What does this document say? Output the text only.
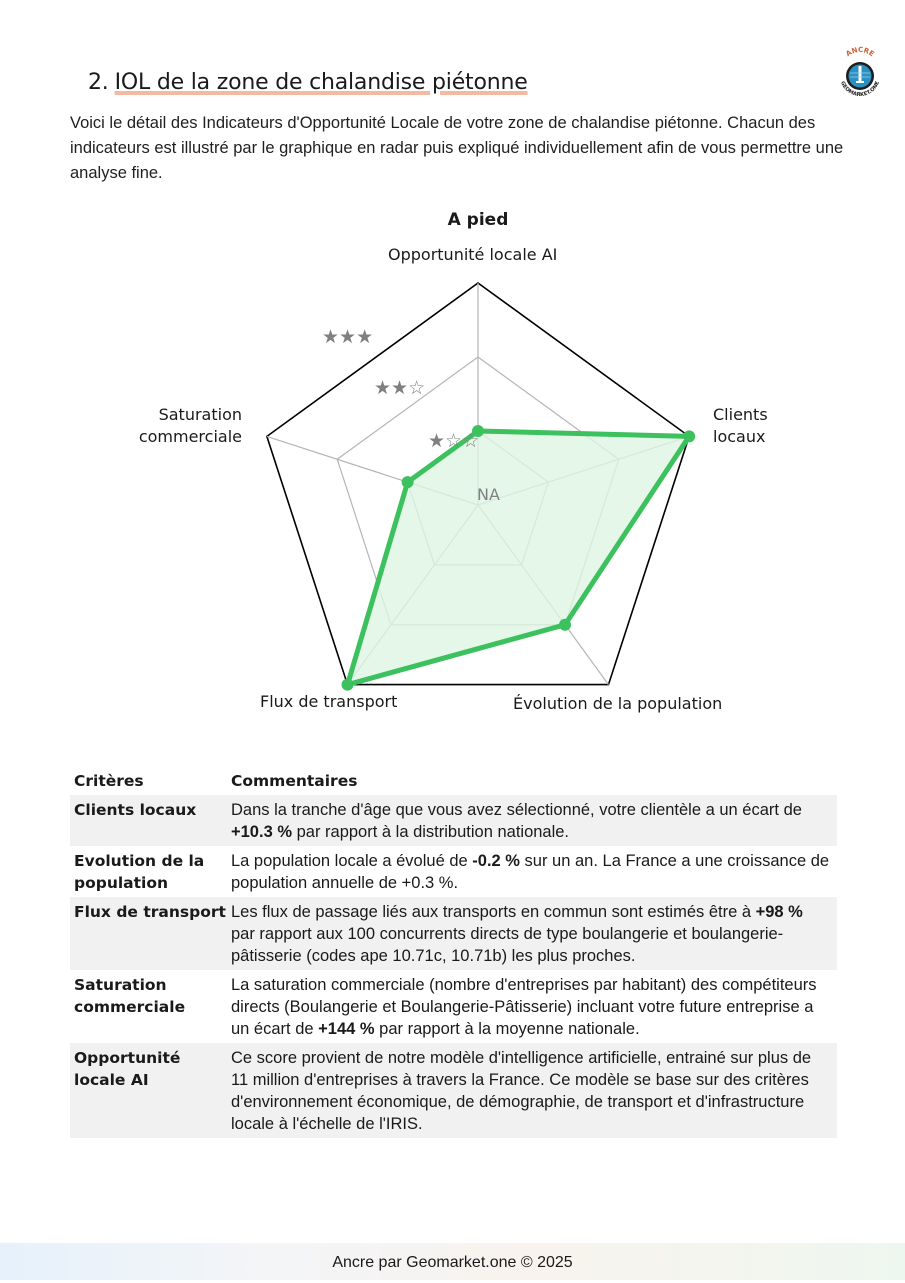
ANCRE
GEOMARKET.ONE
2. IOL de la zone de chalandise piétonne
Voici le détail des Indicateurs d'Opportunité Locale de votre zone de chalandise piétonne. Chacun des indicateurs est illustré par le graphique en radar puis expliqué individuellement afin de vous permettre une analyse fine.
A pied
NA
★☆☆
★★☆
★★★
Opportunité locale AI
Clients
locaux
Évolution de la population
Flux de transport
Saturation
commerciale
Critères	Commentaires
Clients locaux	Dans la tranche d'âge que vous avez sélectionné, votre clientèle a un écart de +10.3 % par rapport à la distribution nationale.
Evolution de la population
La population locale a évolué de -0.2 % sur un an. La France a une croissance de population annuelle de +0.3 %.
Flux de transport Les flux de passage liés aux transports en commun sont estimés être à +98 % par rapport aux 100 concurrents directs de type boulangerie et boulangerie-pâtisserie (codes ape 10.71c, 10.71b) les plus proches.
Saturation commerciale
La saturation commerciale (nombre d'entreprises par habitant) des compétiteurs directs (Boulangerie et Boulangerie-Pâtisserie) incluant votre future entreprise a un écart de +144 % par rapport à la moyenne nationale.
Opportunité locale AI
Ce score provient de notre modèle d'intelligence artificielle, entrainé sur plus de 11 million d'entreprises à travers la France. Ce modèle se base sur des critères d'environnement économique, de démographie, de transport et d'infrastructure locale à l'échelle de l'IRIS.
Ancre par Geomarket.one © 2025
